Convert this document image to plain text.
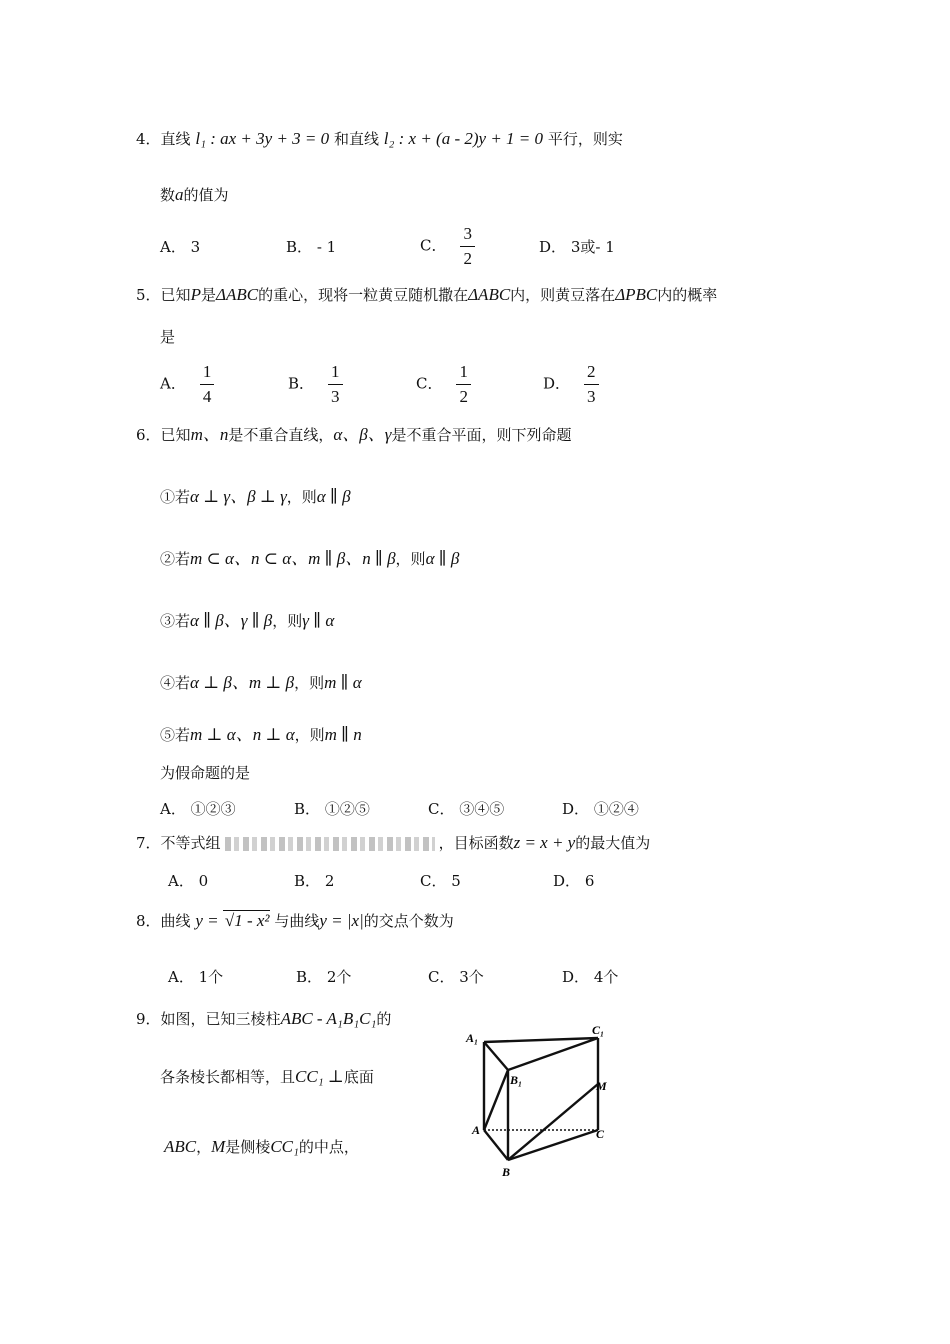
4．直线 l₁ : ax + 3y + 3 = 0 和直线 l₂ : x + (a - 2)y + 1 = 0 平行，则实
数a的值为
A． 3	B． - 1	C． $\frac{3}{2}$	D． 3或- 1
5．已知P是ΔABC的重心，现将一粒黄豆随机撒在ΔABC内，则黄豆落在ΔPBC内的概率
是
A． $\frac{1}{4}$	B． $\frac{1}{3}$	C． $\frac{1}{2}$	D． $\frac{2}{3}$
6．已知m、n是不重合直线，α、β、γ是不重合平面，则下列命题
①若α ⊥ γ、β ⊥ γ，则α ∥ β
②若m ⊂ α、n ⊂ α、m ∥ β、n ∥ β，则α ∥ β
③若α ∥ β、γ ∥ β，则γ ∥ α
④若α ⊥ β、m ⊥ β，则m ∥ α
⑤若m ⊥ α、n ⊥ α，则m ∥ n
为假命题的是
A． ①②③	B． ①②⑤	C． ③④⑤	D． ①②④
7．不等式组	，目标函数z = x + y的最大值为
A． 0	B． 2	C． 5	D． 6
8．曲线 y = √1 - x² 与曲线y = |x|的交点个数为
A． 1个	B． 2个	C． 3个	D． 4个
9．如图，已知三棱柱ABC - A₁B₁C₁的
各条棱长都相等，且CC₁ ⊥底面
ABC，M是侧棱CC₁的中点，
A₁
C₁
B₁	M
A	C
B
